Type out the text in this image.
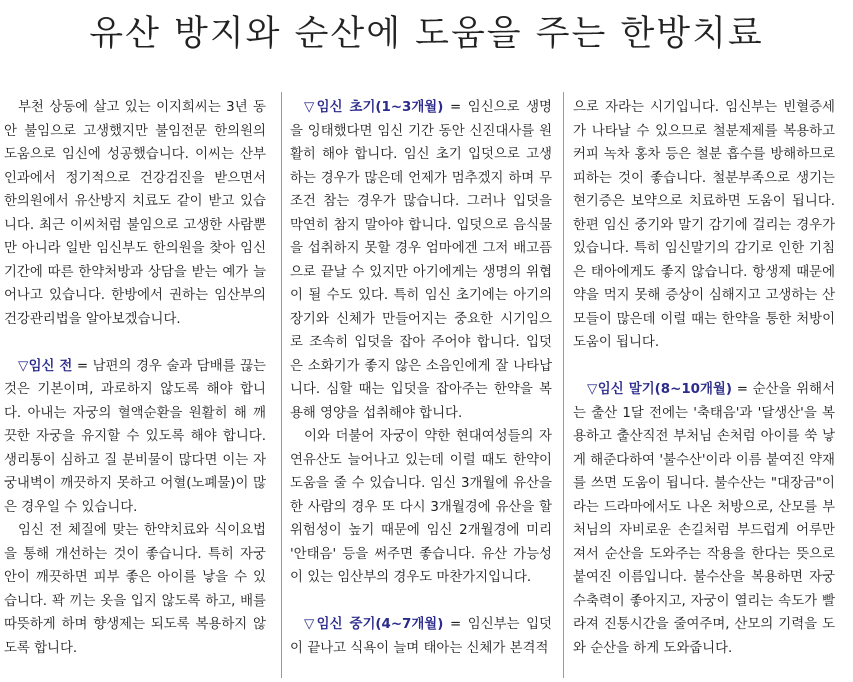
유산 방지와 순산에 도움을 주는 한방치료

부천 상동에 살고 있는 이지희씨는 3년 동안 불임으로 고생했지만 불임전문 한의원의 도움으로 임신에 성공했습니다. 이씨는 산부인과에서 정기적으로 건강검진을 받으면서 한의원에서 유산방지 치료도 같이 받고 있습니다. 최근 이씨처럼 불임으로 고생한 사람뿐만 아니라 일반 임신부도 한의원을 찾아 임신기간에 따른 한약처방과 상담을 받는 예가 늘어나고 있습니다. 한방에서 권하는 임산부의 건강관리법을 알아보겠습니다.

▽임신 전 = 남편의 경우 술과 담배를 끊는 것은 기본이며, 과로하지 않도록 해야 합니다. 아내는 자궁의 혈액순환을 원활히 해 깨끗한 자궁을 유지할 수 있도록 해야 합니다. 생리통이 심하고 질 분비물이 많다면 이는 자궁내벽이 깨끗하지 못하고 어혈(노폐물)이 많은 경우일 수 있습니다.

임신 전 체질에 맞는 한약치료와 식이요법을 통해 개선하는 것이 좋습니다. 특히 자궁 안이 깨끗하면 피부 좋은 아이를 낳을 수 있습니다. 꽉 끼는 옷을 입지 않도록 하고, 배를 따뜻하게 하며 향생제는 되도록 복용하지 않도록 합니다.

▽임신 초기(1~3개월) = 임신으로 생명을 잉태했다면 임신 기간 동안 신진대사를 원활히 해야 합니다. 임신 초기 입덧으로 고생하는 경우가 많은데 언제가 멈추겠지 하며 무조건 참는 경우가 많습니다. 그러나 입덧을 막연히 참지 말아야 합니다. 입덧으로 음식물을 섭취하지 못할 경우 엄마에겐 그저 배고픔으로 끝날 수 있지만 아기에게는 생명의 위협이 될 수도 있다. 특히 임신 초기에는 아기의 장기와 신체가 만들어지는 중요한 시기임으로 조속히 입덧을 잡아 주어야 합니다. 입덧은 소화기가 좋지 않은 소음인에게 잘 나타납니다. 심할 때는 입덧을 잡아주는 한약을 복용해 영양을 섭취해야 합니다.

이와 더불어 자궁이 약한 현대여성들의 자연유산도 늘어나고 있는데 이럴 때도 한약이 도움을 줄 수 있습니다. 임신 3개월에 유산을 한 사람의 경우 또 다시 3개월경에 유산을 할 위험성이 높기 때문에 임신 2개월경에 미리 '안태음' 등을 써주면 좋습니다. 유산 가능성이 있는 임산부의 경우도 마찬가지입니다.

▽임신 중기(4~7개월) = 임신부는 입덧이 끝나고 식욕이 늘며 태아는 신체가 본격적

으로 자라는 시기입니다. 임신부는 빈혈증세가 나타날 수 있으므로 철분제제를 복용하고 커피 녹차 홍차 등은 철분 흡수를 방해하므로 피하는 것이 좋습니다. 철분부족으로 생기는 현기증은 보약으로 치료하면 도움이 됩니다. 한편 임신 중기와 말기 감기에 걸리는 경우가 있습니다. 특히 임신말기의 감기로 인한 기침은 태아에게도 좋지 않습니다. 항생제 때문에 약을 먹지 못해 증상이 심해지고 고생하는 산모들이 많은데 이럴 때는 한약을 통한 처방이 도움이 됩니다.

▽임신 말기(8~10개월) = 순산을 위해서는 출산 1달 전에는 '축태음'과 '달생산'을 복용하고 출산직전 부처님 손처럼 아이를 쑥 낳게 해준다하여 '불수산'이라 이름 붙여진 약재를 쓰면 도움이 됩니다. 불수산는 "대장금"이라는 드라마에서도 나온 처방으로, 산모를 부처님의 자비로운 손길처럼 부드럽게 어루만져서 순산을 도와주는 작용을 한다는 뜻으로 붙여진 이름입니다. 불수산을 복용하면 자궁수축력이 좋아지고, 자궁이 열리는 속도가 빨라져 진통시간을 줄여주며, 산모의 기력을 도와 순산을 하게 도와줍니다.
